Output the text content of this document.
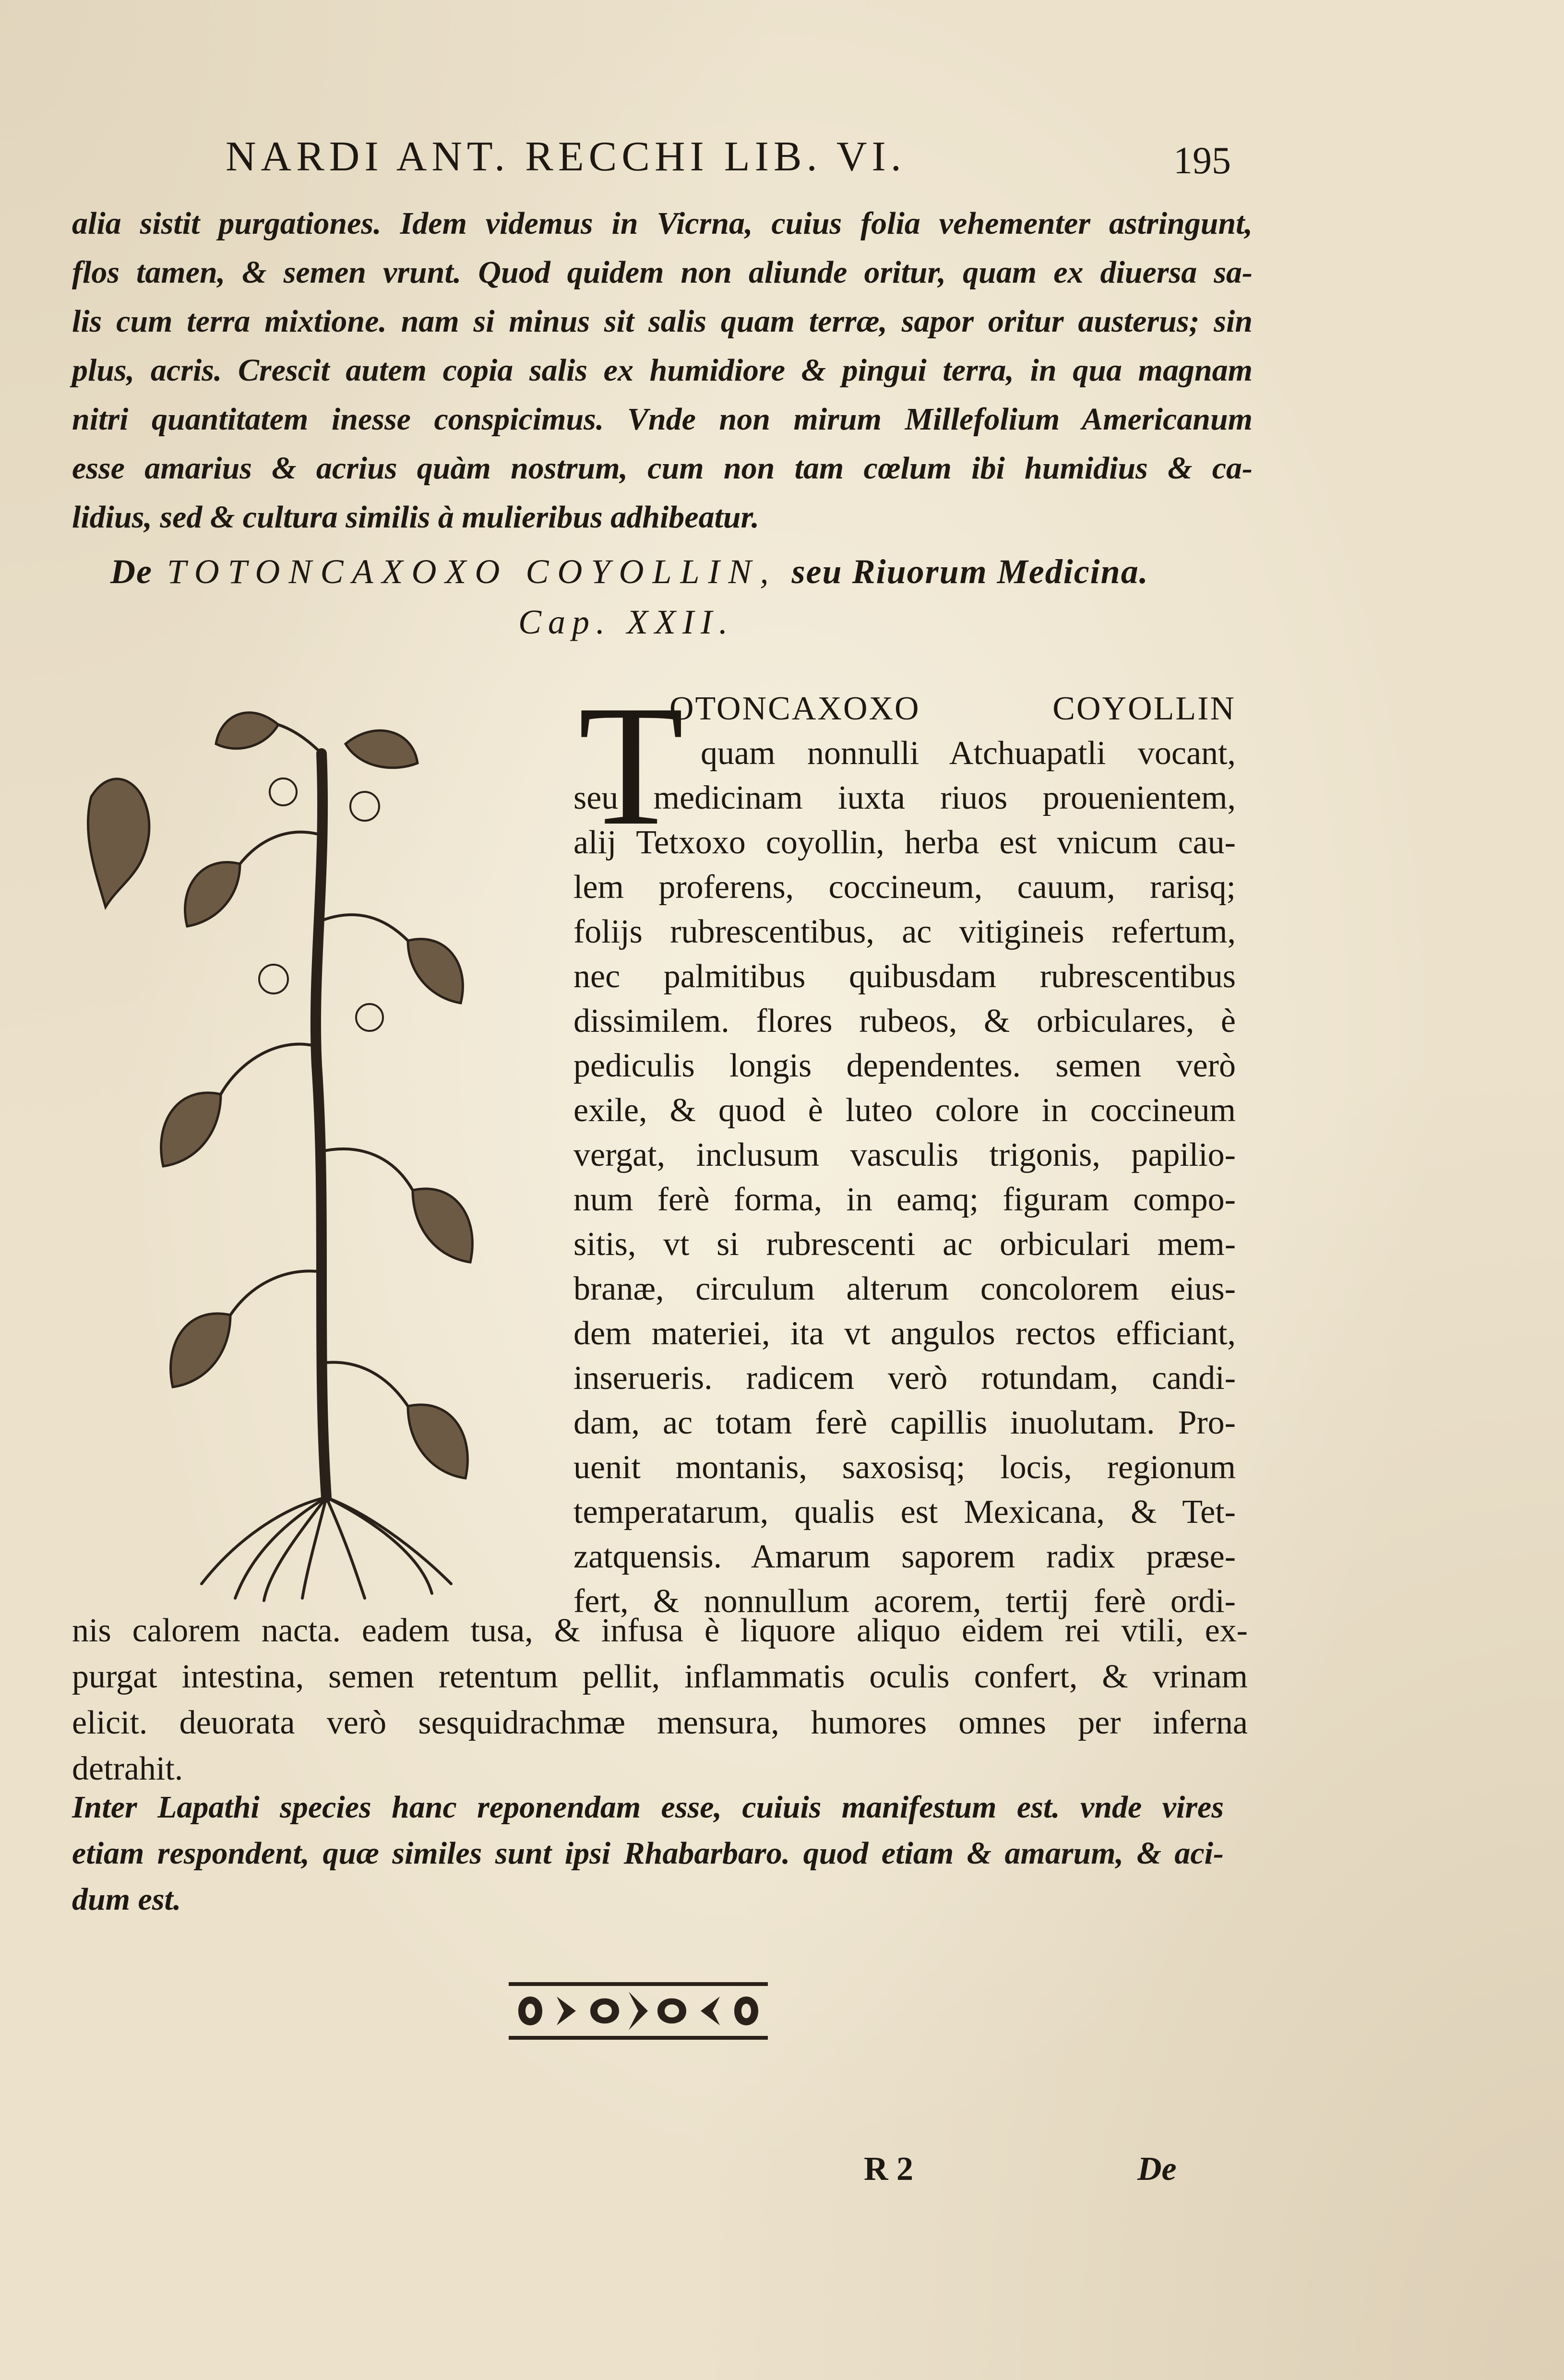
NARDI ANT. RECCHI LIB. VI.	195
alia sistit purgationes. Idem videmus in Vicrna, cuius folia vehementer astringunt,
flos tamen, & semen vrunt. Quod quidem non aliunde oritur, quam ex diuersa sa-
lis cum terra mixtione. nam si minus sit salis quam terræ, sapor oritur austerus; sin
plus, acris. Crescit autem copia salis ex humidiore & pingui terra, in qua magnam
nitri quantitatem inesse conspicimus. Vnde non mirum Millefolium Americanum
esse amarius & acrius quàm nostrum, cum non tam cœlum ibi humidius & ca-
lidius, sed & cultura similis à mulieribus adhibeatur.
De TOTONCAXOXO COYOLLIN, seu Riuorum Medicina.
Cap. XXII.
T
OTONCAXOXO COYOLLIN
quam nonnulli Atchuapatli vocant,
seu medicinam iuxta riuos prouenientem,
alij Tetxoxo coyollin, herba est vnicum cau-
lem proferens, coccineum, cauum, rarisq;
folijs rubrescentibus, ac vitigineis refertum,
nec palmitibus quibusdam rubrescentibus
dissimilem. flores rubeos, & orbiculares, è
pediculis longis dependentes. semen verò
exile, & quod è luteo colore in coccineum
vergat, inclusum vasculis trigonis, papilio-
num ferè forma, in eamq; figuram compo-
sitis, vt si rubrescenti ac orbiculari mem-
branæ, circulum alterum concolorem eius-
dem materiei, ita vt angulos rectos efficiant,
inserueris. radicem verò rotundam, candi-
dam, ac totam ferè capillis inuolutam. Pro-
uenit montanis, saxosisq; locis, regionum
temperatarum, qualis est Mexicana, & Tet-
zatquensis. Amarum saporem radix præse-
fert, & nonnullum acorem, tertij ferè ordi-
nis calorem nacta. eadem tusa, & infusa è liquore aliquo eidem rei vtili, ex-
purgat intestina, semen retentum pellit, inflammatis oculis confert, & vrinam
elicit. deuorata verò sesquidrachmæ mensura, humores omnes per inferna
detrahit.
Inter Lapathi species hanc reponendam esse, cuiuis manifestum est. vnde vires
etiam respondent, quæ similes sunt ipsi Rhabarbaro. quod etiam & amarum, & aci-
dum est.
R 2	De
